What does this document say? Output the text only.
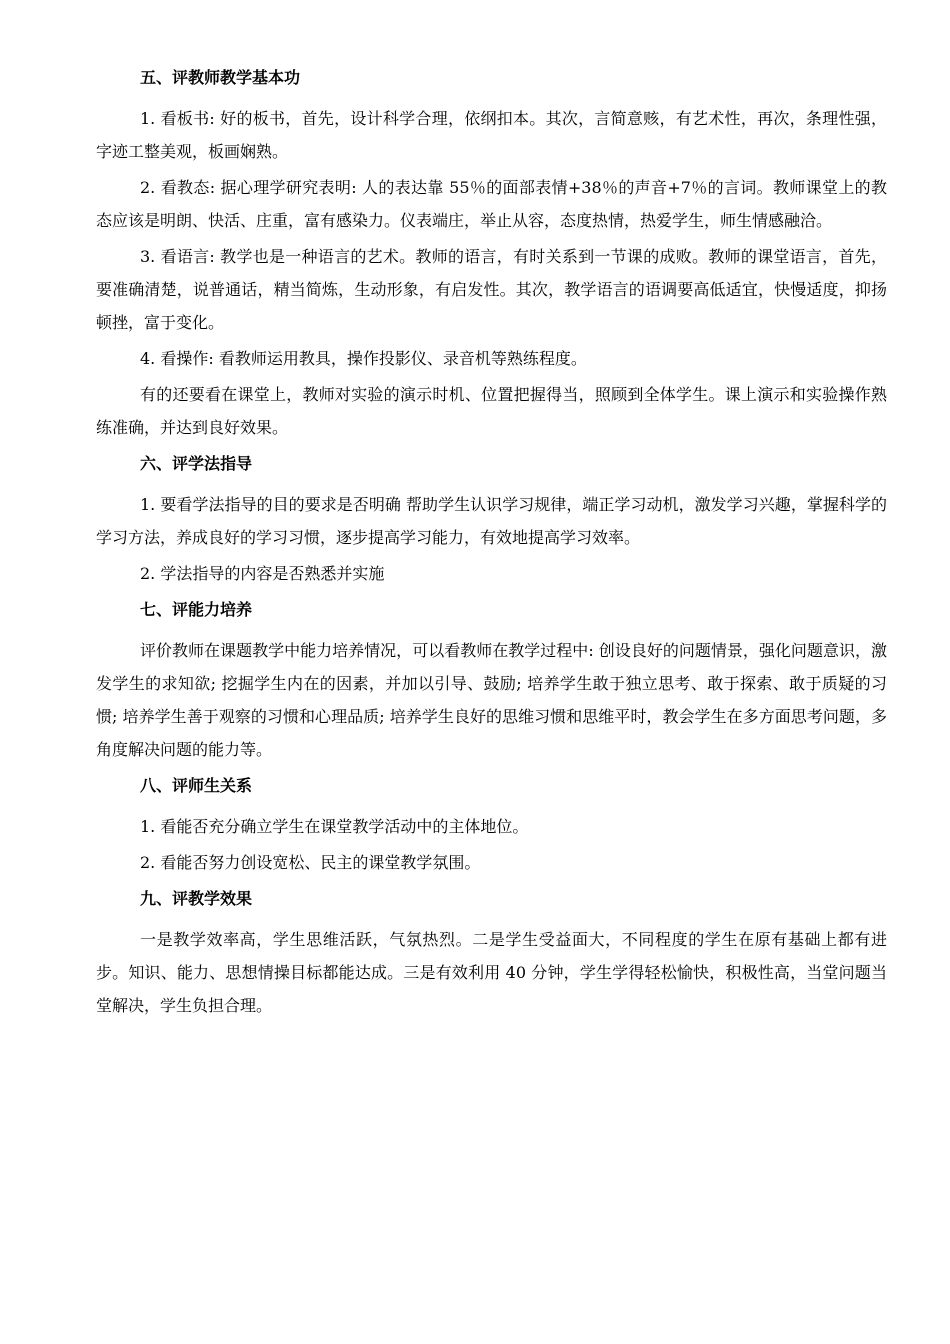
五、评教师教学基本功

1. 看板书: 好的板书，首先，设计科学合理，依纲扣本。其次，言简意赅，有艺术性，再次，条理性强，字迹工整美观，板画娴熟。

2. 看教态: 据心理学研究表明: 人的表达靠 55％的面部表情+38％的声音+7％的言词。教师课堂上的教态应该是明朗、快活、庄重，富有感染力。仪表端庄，举止从容，态度热情，热爱学生，师生情感融洽。

3. 看语言: 教学也是一种语言的艺术。教师的语言，有时关系到一节课的成败。教师的课堂语言，首先，要准确清楚，说普通话，精当简炼，生动形象，有启发性。其次，教学语言的语调要高低适宜，快慢适度，抑扬顿挫，富于变化。

4. 看操作: 看教师运用教具，操作投影仪、录音机等熟练程度。

有的还要看在课堂上，教师对实验的演示时机、位置把握得当，照顾到全体学生。课上演示和实验操作熟练准确，并达到良好效果。

六、评学法指导

1. 要看学法指导的目的要求是否明确 帮助学生认识学习规律，端正学习动机，激发学习兴趣，掌握科学的学习方法，养成良好的学习习惯，逐步提高学习能力，有效地提高学习效率。

2. 学法指导的内容是否熟悉并实施

七、评能力培养

评价教师在课题教学中能力培养情况，可以看教师在教学过程中: 创设良好的问题情景，强化问题意识，激发学生的求知欲; 挖掘学生内在的因素，并加以引导、鼓励; 培养学生敢于独立思考、敢于探索、敢于质疑的习惯; 培养学生善于观察的习惯和心理品质; 培养学生良好的思维习惯和思维平时，教会学生在多方面思考问题，多角度解决问题的能力等。

八、评师生关系

1. 看能否充分确立学生在课堂教学活动中的主体地位。

2. 看能否努力创设宽松、民主的课堂教学氛围。

九、评教学效果

一是教学效率高，学生思维活跃，气氛热烈。二是学生受益面大，不同程度的学生在原有基础上都有进步。知识、能力、思想情操目标都能达成。三是有效利用 40 分钟，学生学得轻松愉快，积极性高，当堂问题当堂解决，学生负担合理。
